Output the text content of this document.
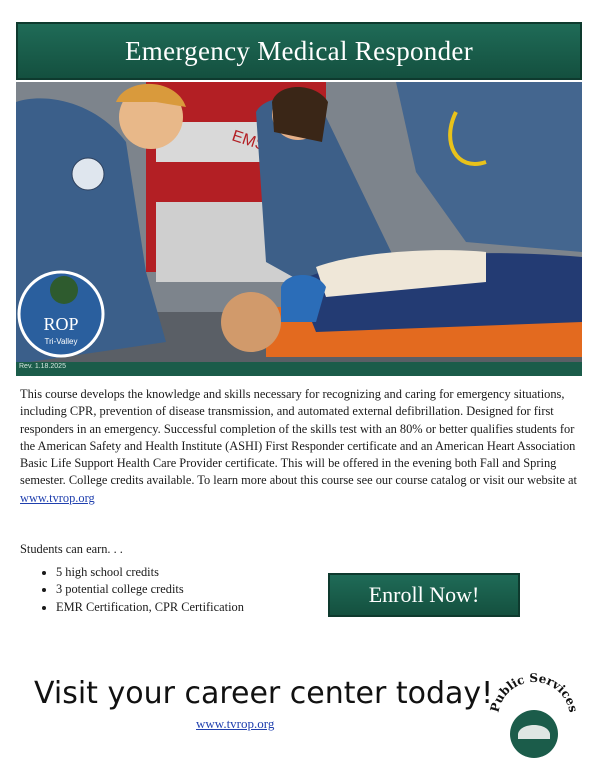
Emergency Medical Responder
EMS
ROP
Tri-Valley
Rev. 1.18.2025
This course develops the knowledge and skills necessary for recognizing and caring for emergency situations, including CPR, prevention of disease transmission, and automated external defibrillation. Designed for first responders in an emergency. Successful completion of the skills test with an 80% or better qualifies students for the American Safety and Health Institute (ASHI) First Responder certificate and an American Heart Association Basic Life Support Health Care Provider certificate. This will be offered in the evening both Fall and Spring semester. College credits available. To learn more about this course see our course catalog or visit our website at www.tvrop.org
Students can earn. . .
• 5 high school credits
• 3 potential college credits
• EMR Certification, CPR Certification	Enroll Now!
Visit your career center today!
www.tvrop.org
Public Services
